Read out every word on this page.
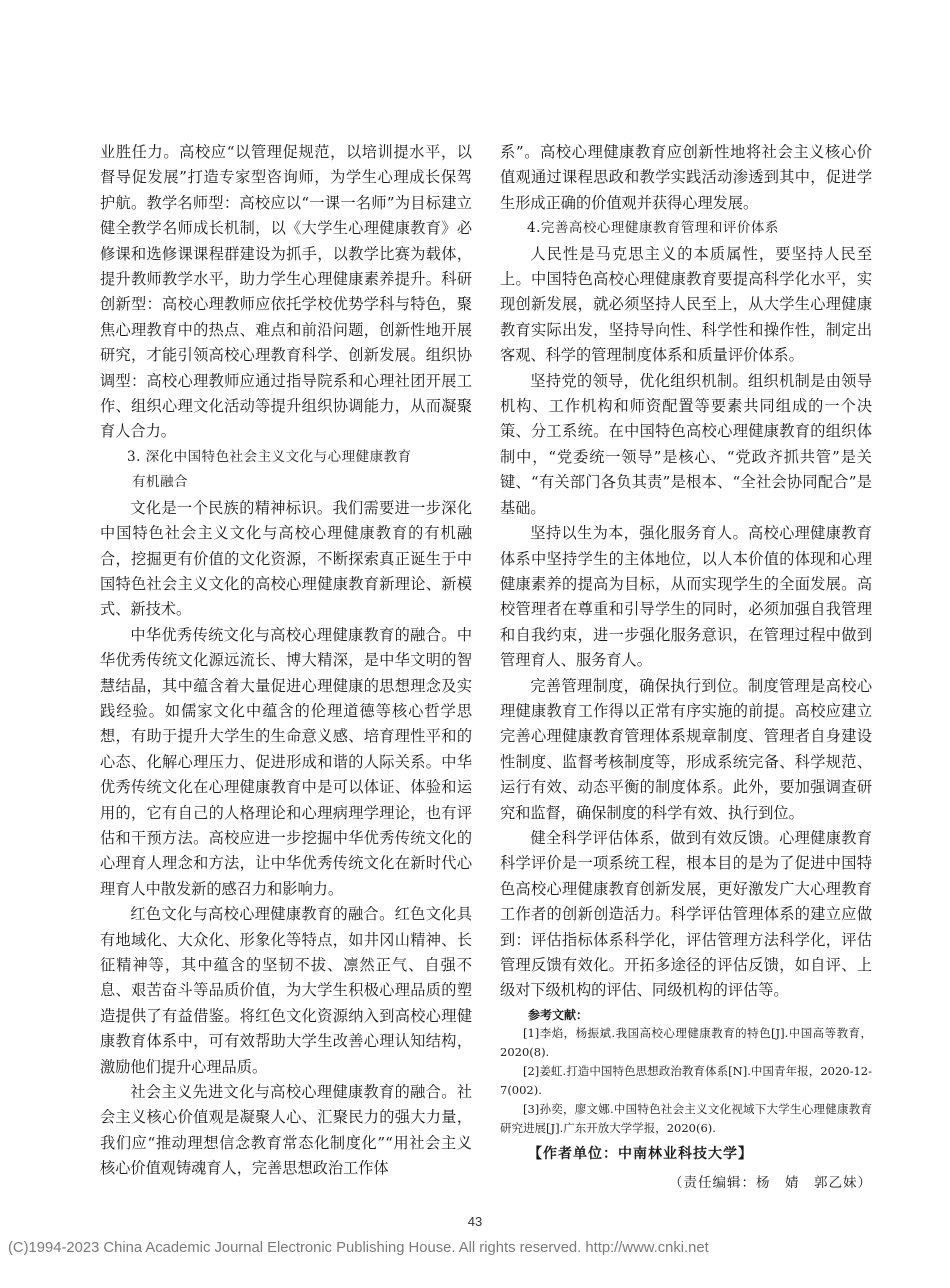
业胜任力。高校应“以管理促规范，以培训提水平，以督导促发展”打造专家型咨询师，为学生心理成长保驾护航。教学名师型：高校应以“一课一名师”为目标建立健全教学名师成长机制，以《大学生心理健康教育》必修课和选修课课程群建设为抓手，以教学比赛为载体，提升教师教学水平，助力学生心理健康素养提升。科研创新型：高校心理教师应依托学校优势学科与特色，聚焦心理教育中的热点、难点和前沿问题，创新性地开展研究，才能引领高校心理教育科学、创新发展。组织协调型：高校心理教师应通过指导院系和心理社团开展工作、组织心理文化活动等提升组织协调能力，从而凝聚育人合力。

3. 深化中国特色社会主义文化与心理健康教育

有机融合

文化是一个民族的精神标识。我们需要进一步深化中国特色社会主义文化与高校心理健康教育的有机融合，挖掘更有价值的文化资源，不断探索真正诞生于中国特色社会主义文化的高校心理健康教育新理论、新模式、新技术。

中华优秀传统文化与高校心理健康教育的融合。中华优秀传统文化源远流长、博大精深，是中华文明的智慧结晶，其中蕴含着大量促进心理健康的思想理念及实践经验。如儒家文化中蕴含的伦理道德等核心哲学思想，有助于提升大学生的生命意义感、培育理性平和的心态、化解心理压力、促进形成和谐的人际关系。中华优秀传统文化在心理健康教育中是可以体证、体验和运用的，它有自己的人格理论和心理病理学理论，也有评估和干预方法。高校应进一步挖掘中华优秀传统文化的心理育人理念和方法，让中华优秀传统文化在新时代心理育人中散发新的感召力和影响力。

红色文化与高校心理健康教育的融合。红色文化具有地域化、大众化、形象化等特点，如井冈山精神、长征精神等，其中蕴含的坚韧不拔、凛然正气、自强不息、艰苦奋斗等品质价值，为大学生积极心理品质的塑造提供了有益借鉴。将红色文化资源纳入到高校心理健康教育体系中，可有效帮助大学生改善心理认知结构，激励他们提升心理品质。

社会主义先进文化与高校心理健康教育的融合。社会主义核心价值观是凝聚人心、汇聚民力的强大力量，我们应“推动理想信念教育常态化制度化”“用社会主义核心价值观铸魂育人，完善思想政治工作体

系”。高校心理健康教育应创新性地将社会主义核心价值观通过课程思政和教学实践活动渗透到其中，促进学生形成正确的价值观并获得心理发展。

4.完善高校心理健康教育管理和评价体系

人民性是马克思主义的本质属性，要坚持人民至上。中国特色高校心理健康教育要提高科学化水平，实现创新发展，就必须坚持人民至上，从大学生心理健康教育实际出发，坚持导向性、科学性和操作性，制定出客观、科学的管理制度体系和质量评价体系。

坚持党的领导，优化组织机制。组织机制是由领导机构、工作机构和师资配置等要素共同组成的一个决策、分工系统。在中国特色高校心理健康教育的组织体制中，“党委统一领导”是核心、“党政齐抓共管”是关键、“有关部门各负其责”是根本、“全社会协同配合”是基础。

坚持以生为本，强化服务育人。高校心理健康教育体系中坚持学生的主体地位，以人本价值的体现和心理健康素养的提高为目标，从而实现学生的全面发展。高校管理者在尊重和引导学生的同时，必须加强自我管理和自我约束，进一步强化服务意识，在管理过程中做到管理育人、服务育人。

完善管理制度，确保执行到位。制度管理是高校心理健康教育工作得以正常有序实施的前提。高校应建立完善心理健康教育管理体系规章制度、管理者自身建设性制度、监督考核制度等，形成系统完备、科学规范、运行有效、动态平衡的制度体系。此外，要加强调查研究和监督，确保制度的科学有效、执行到位。

健全科学评估体系，做到有效反馈。心理健康教育科学评价是一项系统工程，根本目的是为了促进中国特色高校心理健康教育创新发展，更好激发广大心理教育工作者的创新创造活力。科学评估管理体系的建立应做到：评估指标体系科学化，评估管理方法科学化，评估管理反馈有效化。开拓多途径的评估反馈，如自评、上级对下级机构的评估、同级机构的评估等。

参考文献：

[1]李焰，杨振斌.我国高校心理健康教育的特色[J].中国高等教育，2020(8).

[2]姜虹.打造中国特色思想政治教育体系[N].中国青年报，2020-12-7(002).

[3]孙奕，廖文娜.中国特色社会主义文化视域下大学生心理健康教育研究进展[J].广东开放大学学报，2020(6).

【作者单位：中南林业科技大学】

（责任编辑：杨　婧　郭乙妹）

43
(C)1994-2023 China Academic Journal Electronic Publishing House. All rights reserved. http://www.cnki.net
